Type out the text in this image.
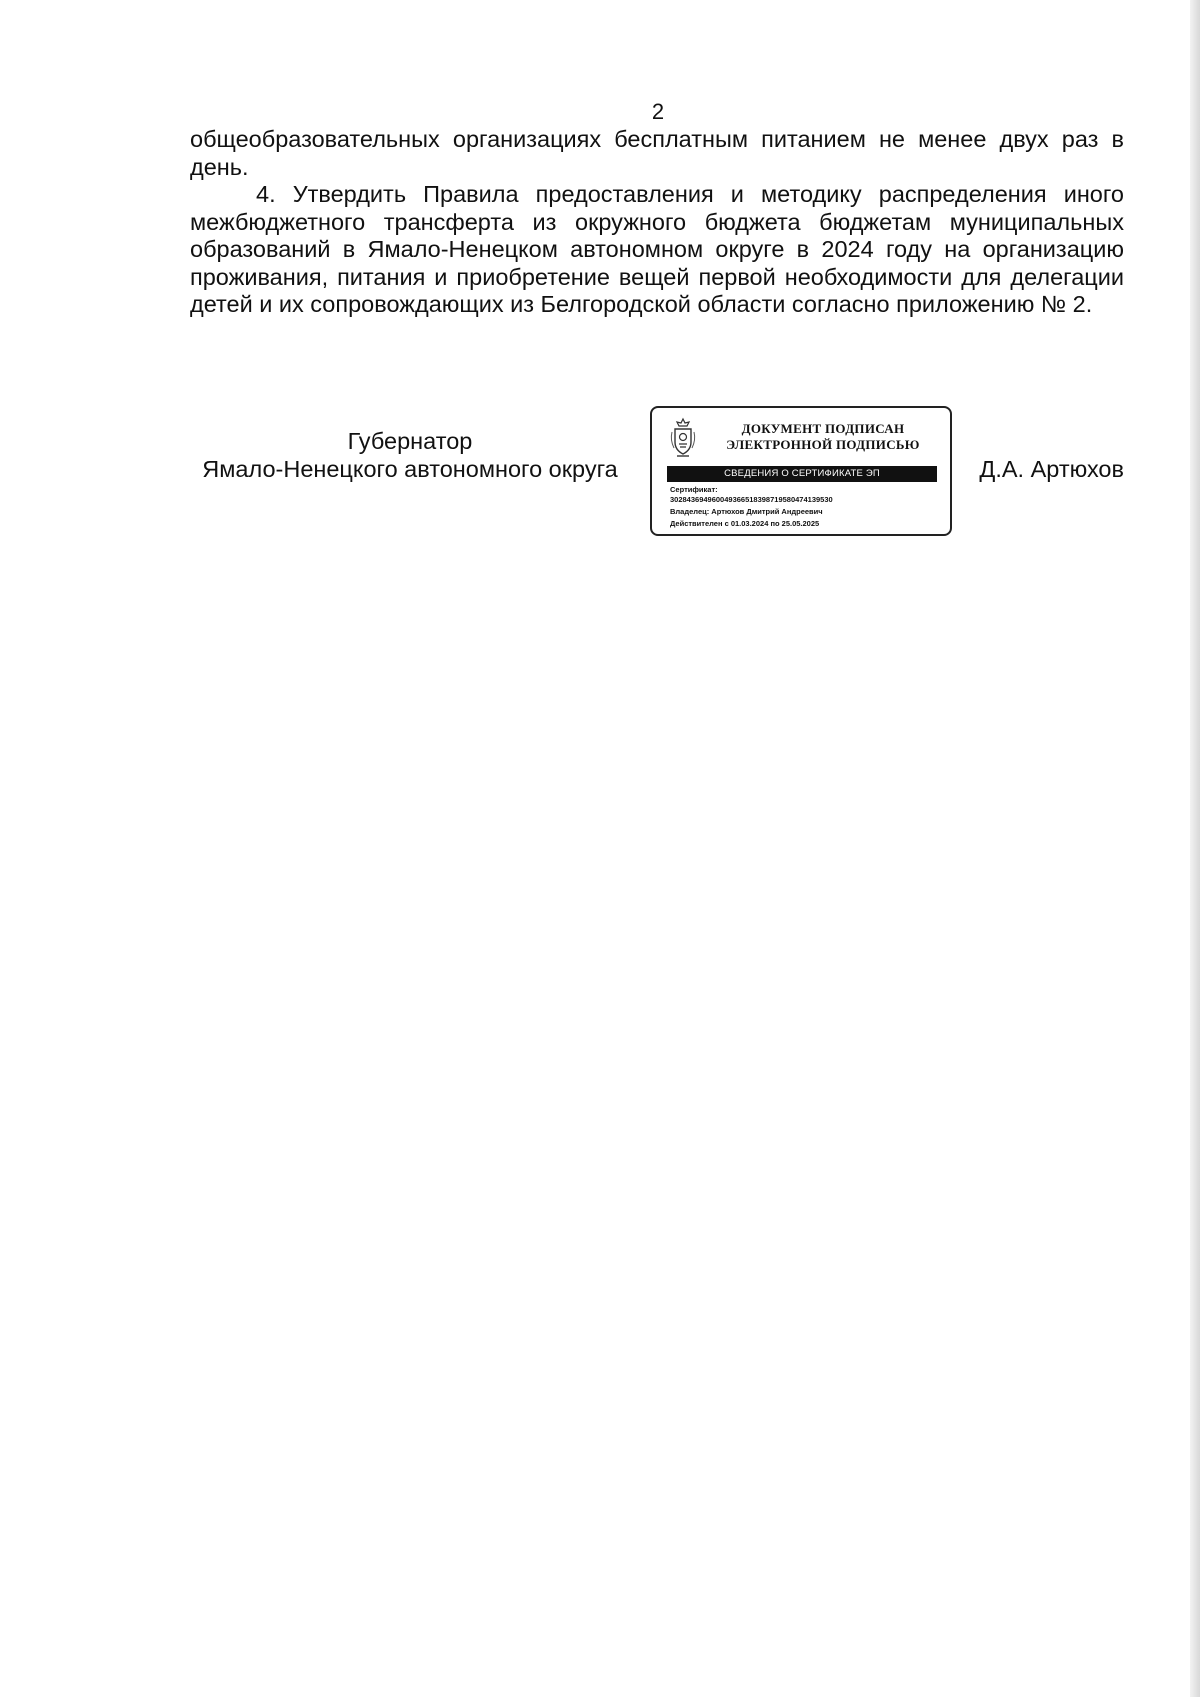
2

общеобразовательных организациях бесплатным питанием не менее двух раз в день.

4. Утвердить Правила предоставления и методику распределения иного межбюджетного трансферта из окружного бюджета бюджетам муниципальных образований в Ямало-Ненецком автономном округе в 2024 году на организацию проживания, питания и приобретение вещей первой необходимости для делегации детей и их сопровождающих из Белгородской области согласно приложению № 2.

Губернатор
Ямало-Ненецкого автономного округа
ДОКУМЕНТ ПОДПИСАН
ЭЛЕКТРОННОЙ ПОДПИСЬЮ
СВЕДЕНИЯ О СЕРТИФИКАТЕ ЭП
Сертификат:
302843694960049366518398719580474139530
Владелец: Артюхов Дмитрий Андреевич
Действителен с 01.03.2024 по 25.05.2025
Д.А. Артюхов
